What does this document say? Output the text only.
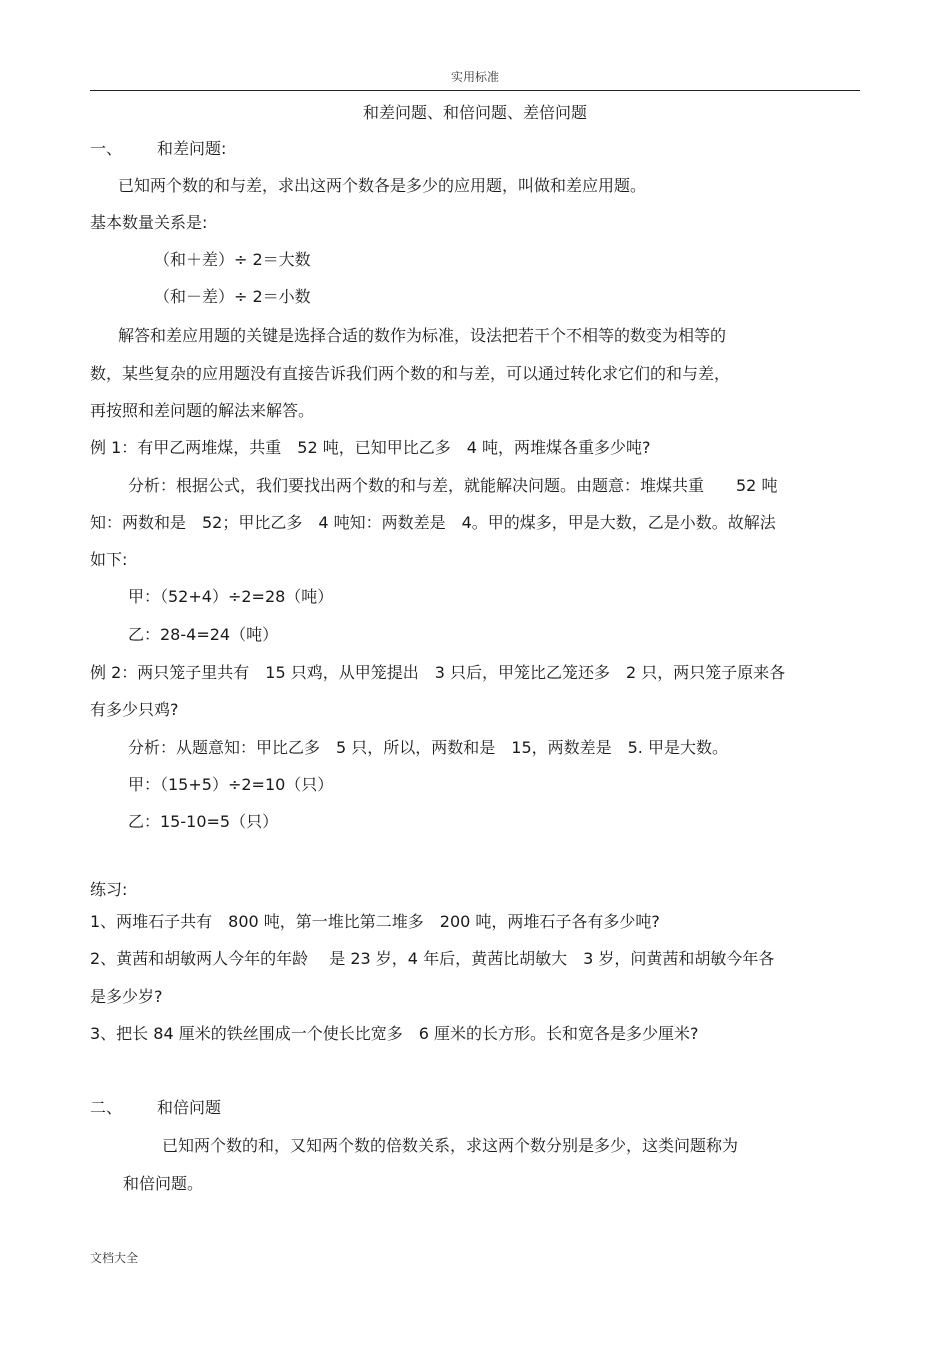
实用标准
和差问题、和倍问题、差倍问题
一、 和差问题:
已知两个数的和与差，求出这两个数各是多少的应用题，叫做和差应用题。
基本数量关系是:
（和＋差）÷ 2＝大数
（和－差）÷ 2＝小数
解答和差应用题的关键是选择合适的数作为标准，设法把若干个不相等的数变为相等的
数，某些复杂的应用题没有直接告诉我们两个数的和与差，可以通过转化求它们的和与差，
再按照和差问题的解法来解答。
例 1：有甲乙两堆煤，共重　52 吨，已知甲比乙多　4 吨，两堆煤各重多少吨?
分析：根据公式，我们要找出两个数的和与差，就能解决问题。由题意：堆煤共重　　52 吨
知：两数和是　52；甲比乙多　4 吨知：两数差是　4。甲的煤多，甲是大数，乙是小数。故解法
如下:
甲：（52+4）÷2=28（吨）
乙：28-4=24（吨）
例 2：两只笼子里共有　15 只鸡，从甲笼提出　3 只后，甲笼比乙笼还多　2 只，两只笼子原来各
有多少只鸡?
分析：从题意知：甲比乙多　5 只，所以，两数和是　15，两数差是　5. 甲是大数。
甲：（15+5）÷2=10（只）
乙：15-10=5（只）
练习:
1、两堆石子共有　800 吨，第一堆比第二堆多　200 吨，两堆石子各有多少吨?
2、黄茜和胡敏两人今年的年龄　 是 23 岁，4 年后，黄茜比胡敏大　3 岁，问黄茜和胡敏今年各
是多少岁?
3、把长 84 厘米的铁丝围成一个使长比宽多　6 厘米的长方形。长和宽各是多少厘米?
二、 和倍问题
已知两个数的和，又知两个数的倍数关系，求这两个数分别是多少，这类问题称为
和倍问题。
文档大全
